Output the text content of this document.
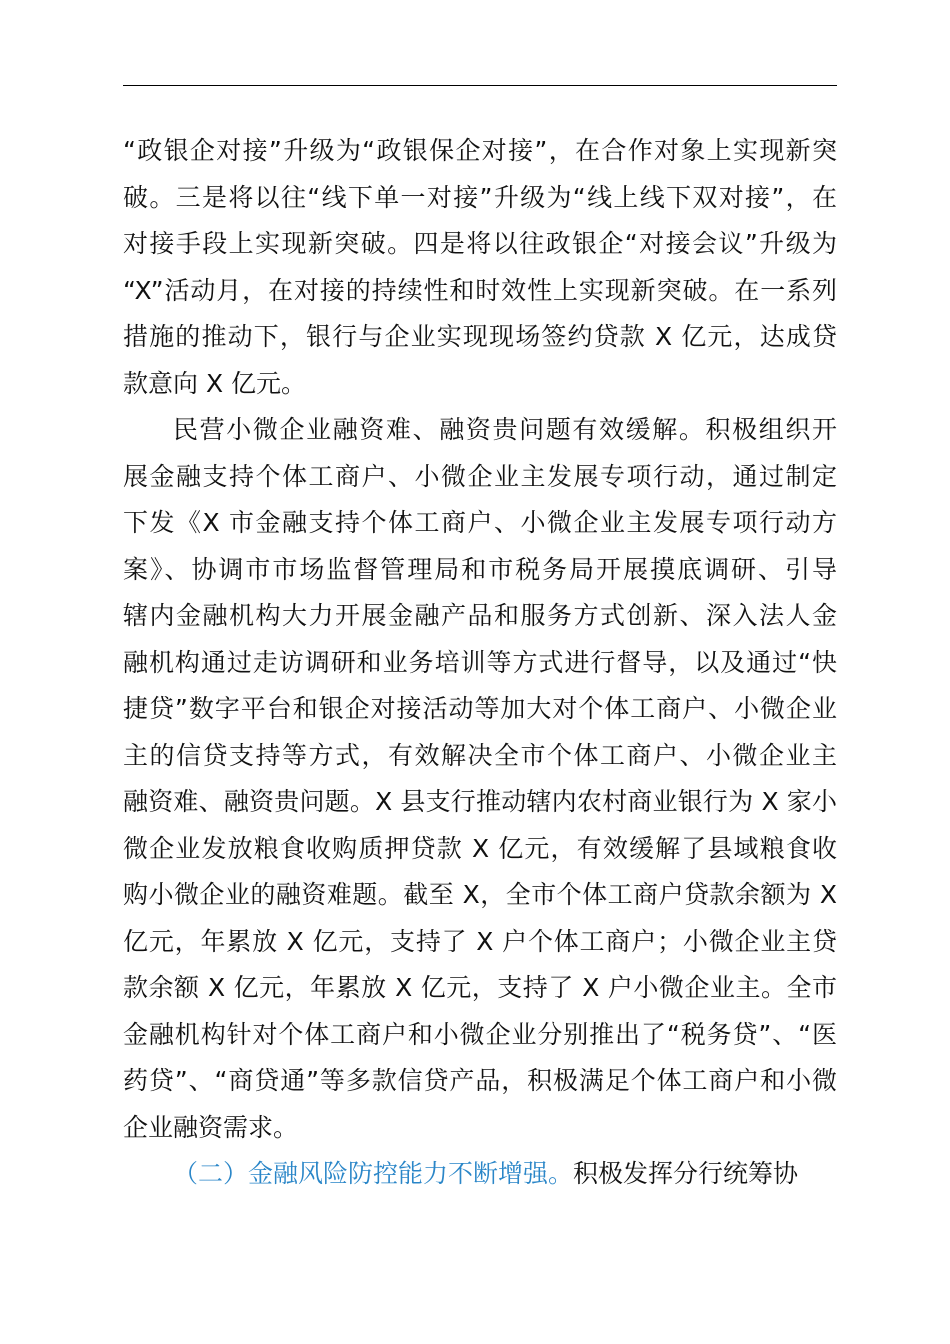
“政银企对接”升级为“政银保企对接”，在合作对象上实现新突
破。三是将以往“线下单一对接”升级为“线上线下双对接”，在
对接手段上实现新突破。四是将以往政银企“对接会议”升级为
“X”活动月，在对接的持续性和时效性上实现新突破。在一系列
措施的推动下，银行与企业实现现场签约贷款 X 亿元，达成贷
款意向 X 亿元。
民营小微企业融资难、融资贵问题有效缓解。积极组织开
展金融支持个体工商户、小微企业主发展专项行动，通过制定
下发《X 市金融支持个体工商户、小微企业主发展专项行动方
案》、协调市市场监督管理局和市税务局开展摸底调研、引导
辖内金融机构大力开展金融产品和服务方式创新、深入法人金
融机构通过走访调研和业务培训等方式进行督导，以及通过“快
捷贷”数字平台和银企对接活动等加大对个体工商户、小微企业
主的信贷支持等方式，有效解决全市个体工商户、小微企业主
融资难、融资贵问题。X 县支行推动辖内农村商业银行为 X 家小
微企业发放粮食收购质押贷款 X 亿元，有效缓解了县域粮食收
购小微企业的融资难题。截至 X，全市个体工商户贷款余额为 X
亿元，年累放 X 亿元，支持了 X 户个体工商户；小微企业主贷
款余额 X 亿元，年累放 X 亿元，支持了 X 户小微企业主。全市
金融机构针对个体工商户和小微企业分别推出了“税务贷”、“医
药贷”、“商贷通”等多款信贷产品，积极满足个体工商户和小微
企业融资需求。
（二）金融风险防控能力不断增强。积极发挥分行统筹协
